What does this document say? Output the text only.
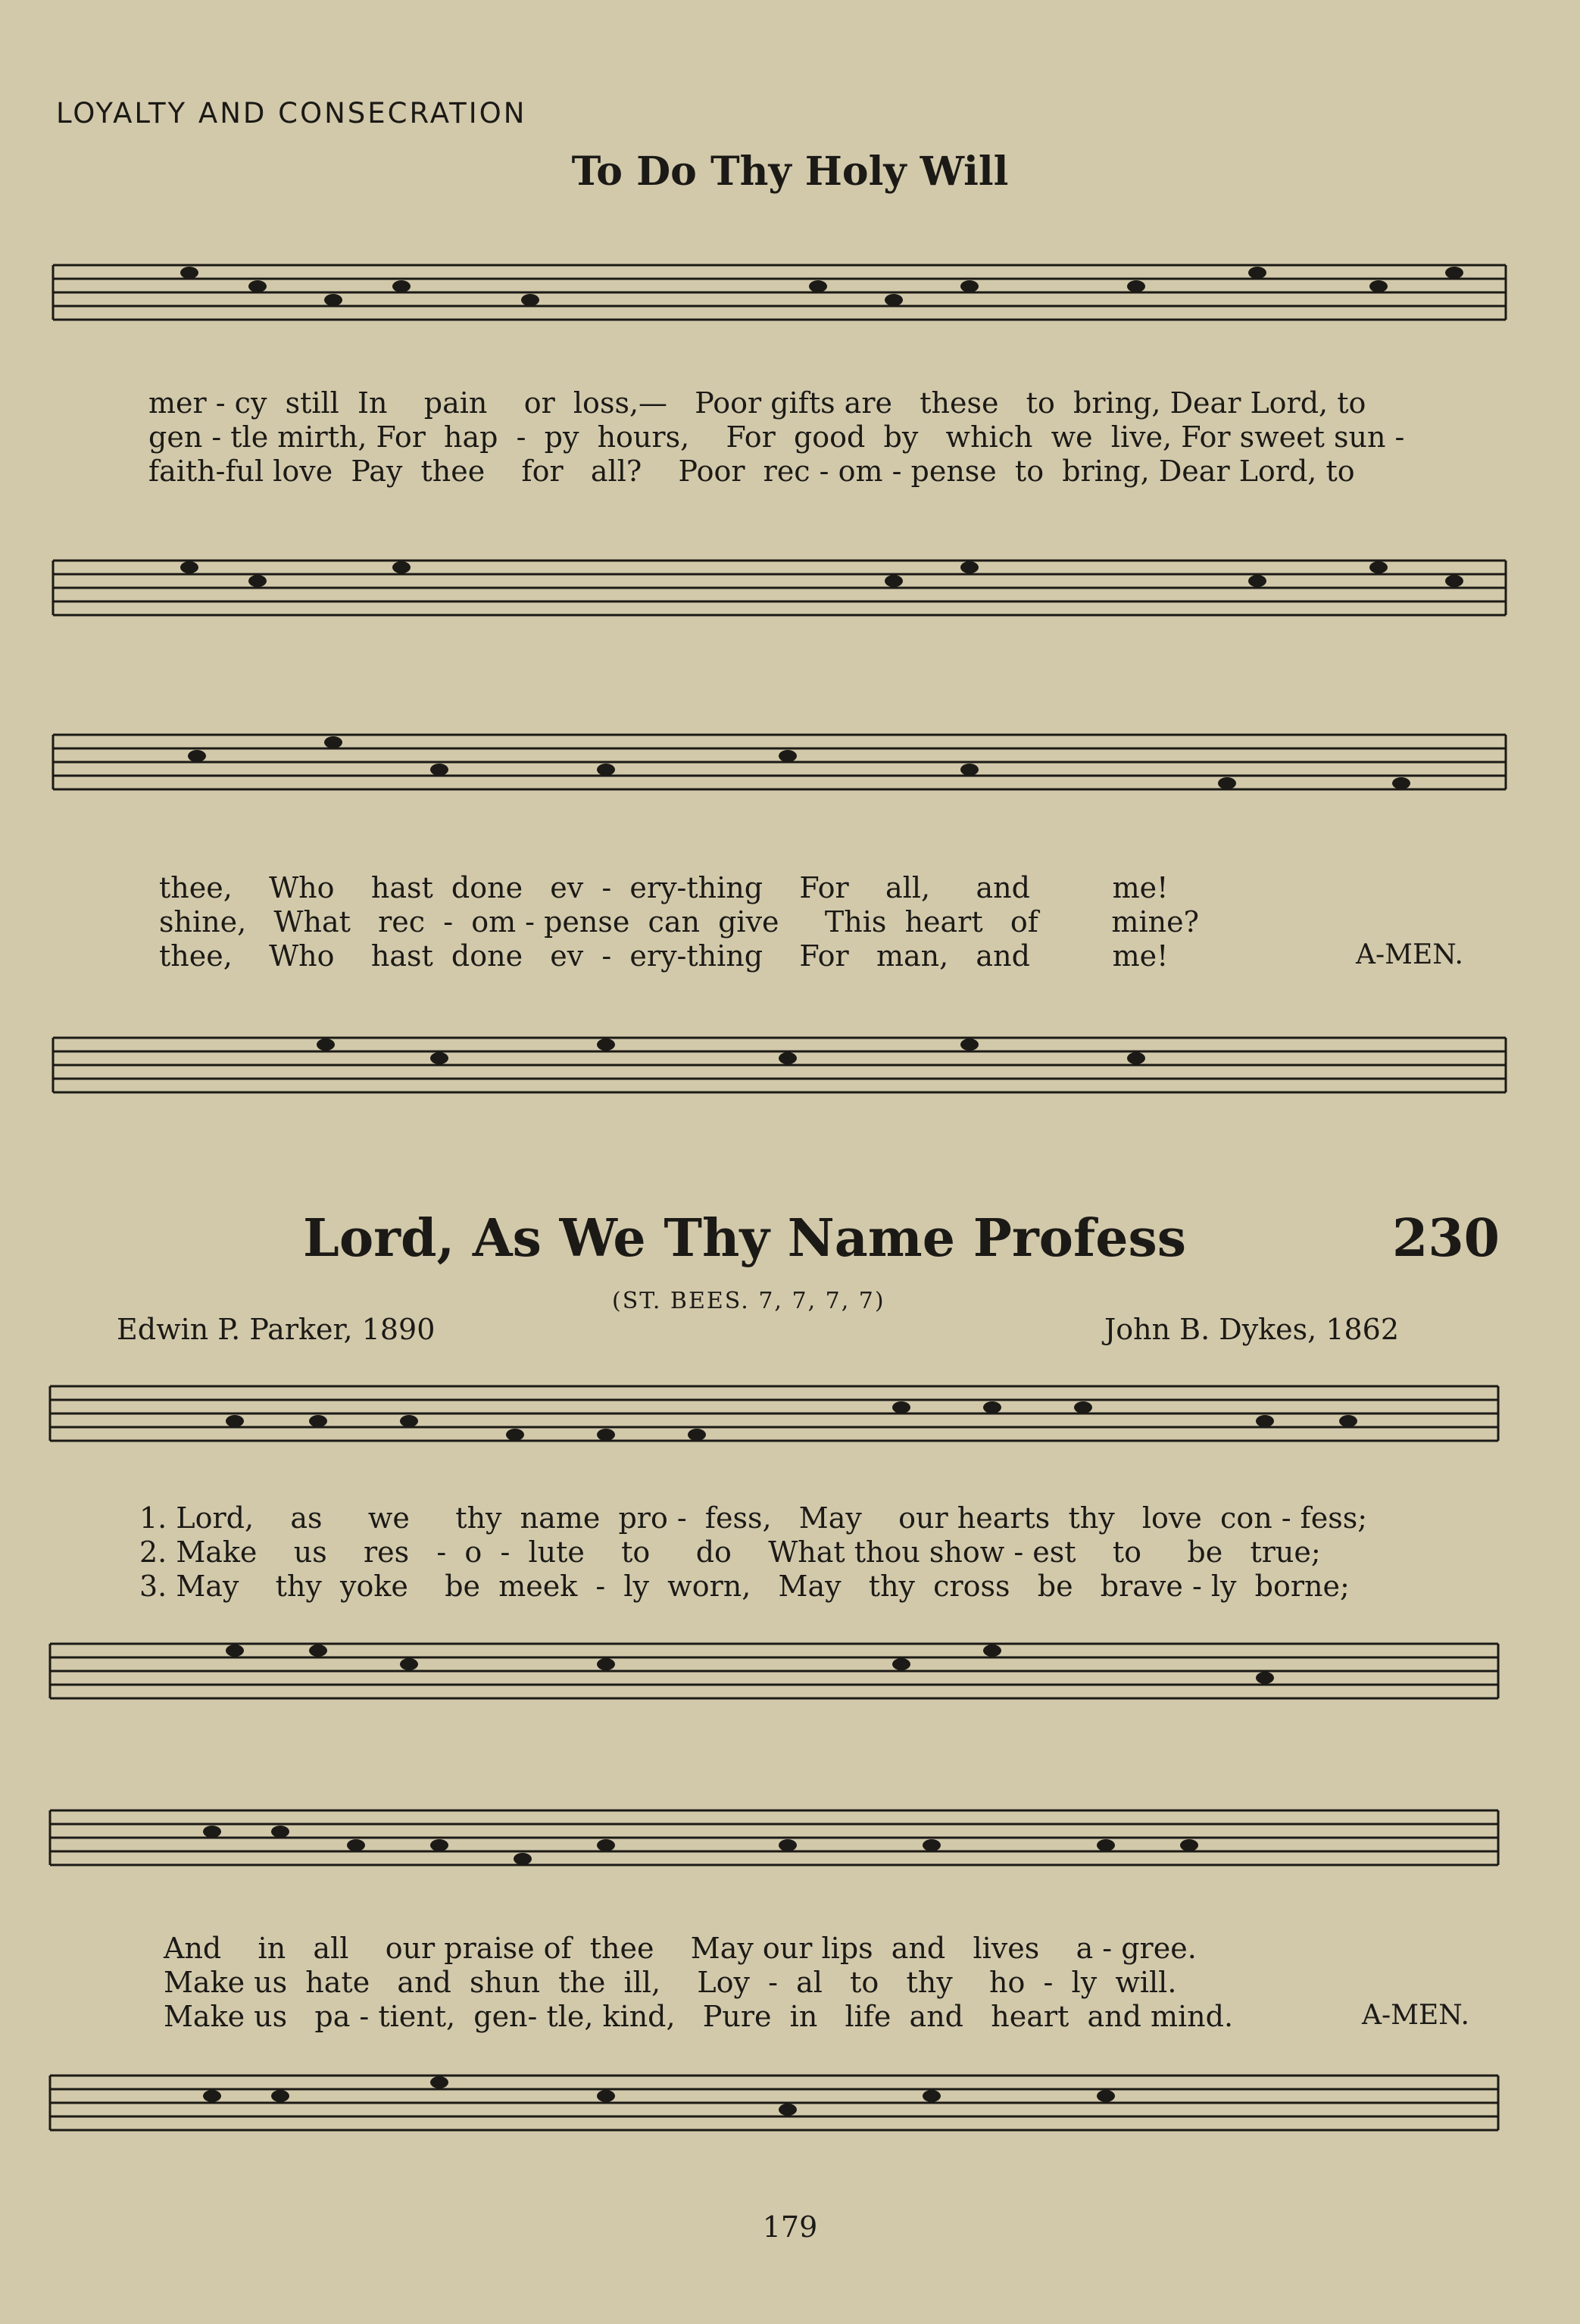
LOYALTY AND CONSECRATION
To Do Thy Holy Will
mer - cy  still  In    pain    or  loss,—   Poor gifts are   these   to  bring, Dear Lord, to
gen - tle mirth, For  hap  -  py  hours,    For  good  by   which  we  live, For sweet sun -
faith-ful love  Pay  thee    for   all?    Poor  rec - om - pense  to  bring, Dear Lord, to
thee,    Who    hast  done   ev  -  ery-thing    For    all,     and         me!
shine,   What   rec  -  om - pense  can  give     This  heart   of        mine?
thee,    Who    hast  done   ev  -  ery-thing    For   man,   and         me!	A-MEN.
Lord, As We Thy Name Profess	230
(ST. BEES. 7, 7, 7, 7)
Edwin P. Parker, 1890	John B. Dykes, 1862
1. Lord,    as     we     thy  name  pro -  fess,   May    our hearts  thy   love  con - fess;
2. Make    us    res   -  o  -  lute    to     do    What thou show - est    to     be   true;
3. May    thy  yoke    be  meek  -  ly  worn,   May   thy  cross   be   brave - ly  borne;
And    in   all    our praise of  thee    May our lips  and   lives    a - gree.
Make us  hate   and  shun  the  ill,    Loy  -  al   to   thy    ho  -  ly  will.
Make us   pa - tient,  gen- tle, kind,   Pure  in   life  and   heart  and mind.	A-MEN.
179
